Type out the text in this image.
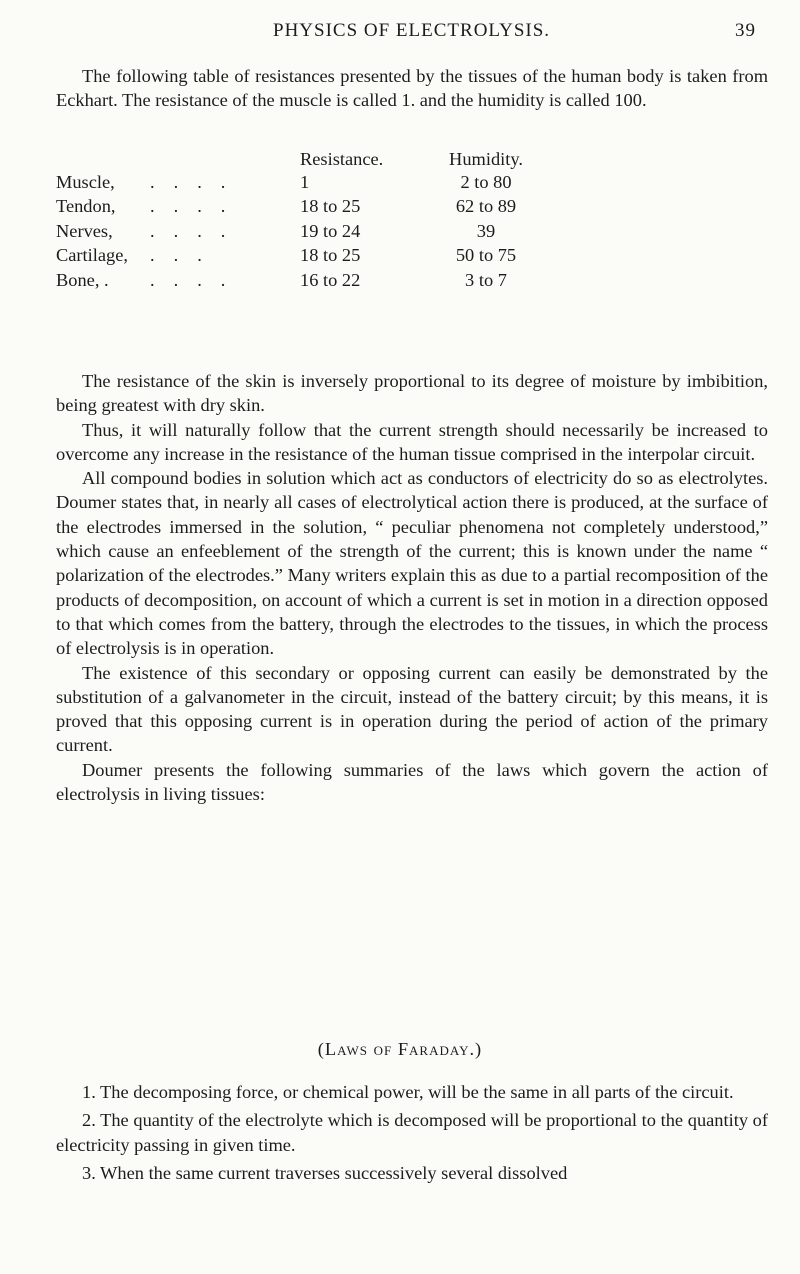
PHYSICS OF ELECTROLYSIS.	39

The following table of resistances presented by the tissues of the human body is taken from Eckhart. The resistance of the muscle is called 1. and the humidity is called 100.

		Resistance.	Humidity.
Muscle,	....	1	2 to 80
Tendon,	....	18 to 25	62 to 89
Nerves,	....	19 to 24	39
Cartilage,	...	18 to 25	50 to 75
Bone, .	....	16 to 22	3 to 7

The resistance of the skin is inversely proportional to its degree of moisture by imbibition, being greatest with dry skin.

Thus, it will naturally follow that the current strength should necessarily be increased to overcome any increase in the resistance of the human tissue comprised in the interpolar circuit.

All compound bodies in solution which act as conductors of electricity do so as electrolytes. Doumer states that, in nearly all cases of electrolytical action there is produced, at the surface of the electrodes immersed in the solution, “ peculiar phenomena not completely understood,” which cause an enfeeblement of the strength of the current; this is known under the name “ polarization of the electrodes.” Many writers explain this as due to a partial recomposition of the products of decomposition, on account of which a current is set in motion in a direction opposed to that which comes from the battery, through the electrodes to the tissues, in which the process of electrolysis is in operation.

The existence of this secondary or opposing current can easily be demonstrated by the substitution of a galvanometer in the circuit, instead of the battery circuit; by this means, it is proved that this opposing current is in operation during the period of action of the primary current.

Doumer presents the following summaries of the laws which govern the action of electrolysis in living tissues:

(Laws of Faraday.)

1. The decomposing force, or chemical power, will be the same in all parts of the circuit.

2. The quantity of the electrolyte which is decomposed will be proportional to the quantity of electricity passing in given time.

3. When the same current traverses successively several dissolved
